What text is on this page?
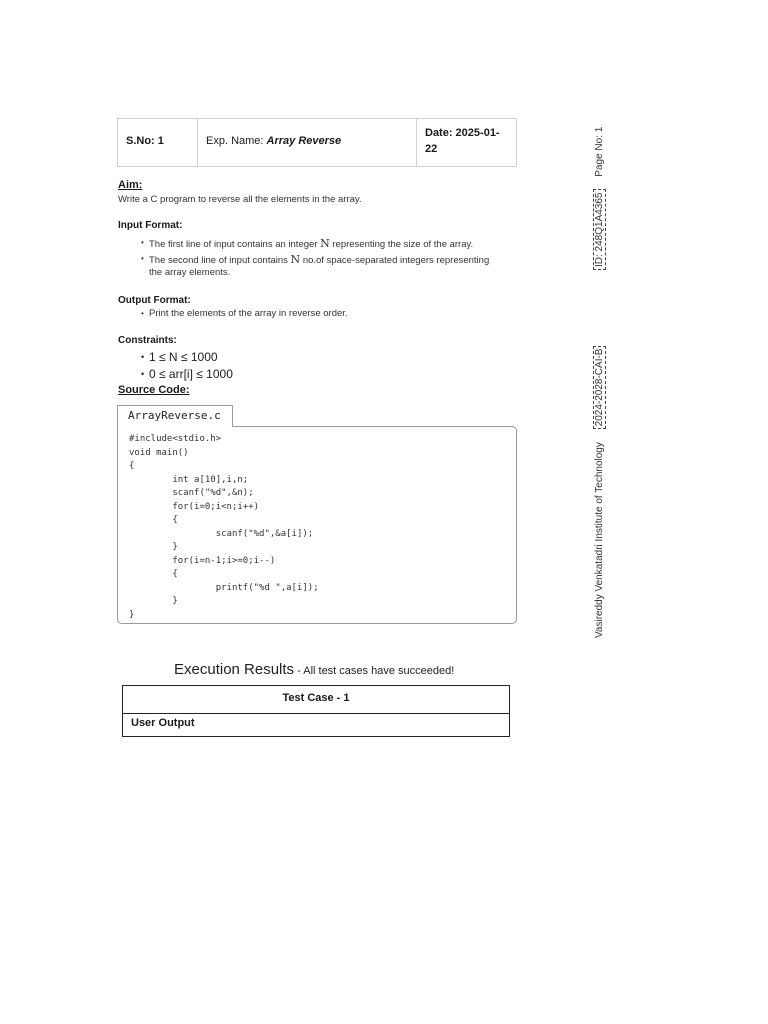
S.No: 1	Exp. Name: Array Reverse
Date: 2025-01-
22
Aim:
Write a C program to reverse all the elements in the array.
Input Format:
• The first line of input contains an integer N representing the size of the array.
• The second line of input contains N no.of space-separated integers representing
the array elements.
Output Format:
• Print the elements of the array in reverse order.
Constraints:
• 1 ≤ N ≤ 1000
• 0 ≤ arr[i] ≤ 1000
Source Code:
ArrayReverse.c
#include<stdio.h>
void main()
{
int a[10],i,n;
scanf("%d",&n);
for(i=0;i<n;i++)
{
scanf("%d",&a[i]);
}
for(i=n-1;i>=0;i--)
{
printf("%d ",a[i]);
}
}
Execution Results - All test cases have succeeded!
Test Case - 1
User Output
ID: 248Q1A4365 Page No: 1
Vasireddy Venkatadri Institute of Technology 2024-2028-CAI-B
